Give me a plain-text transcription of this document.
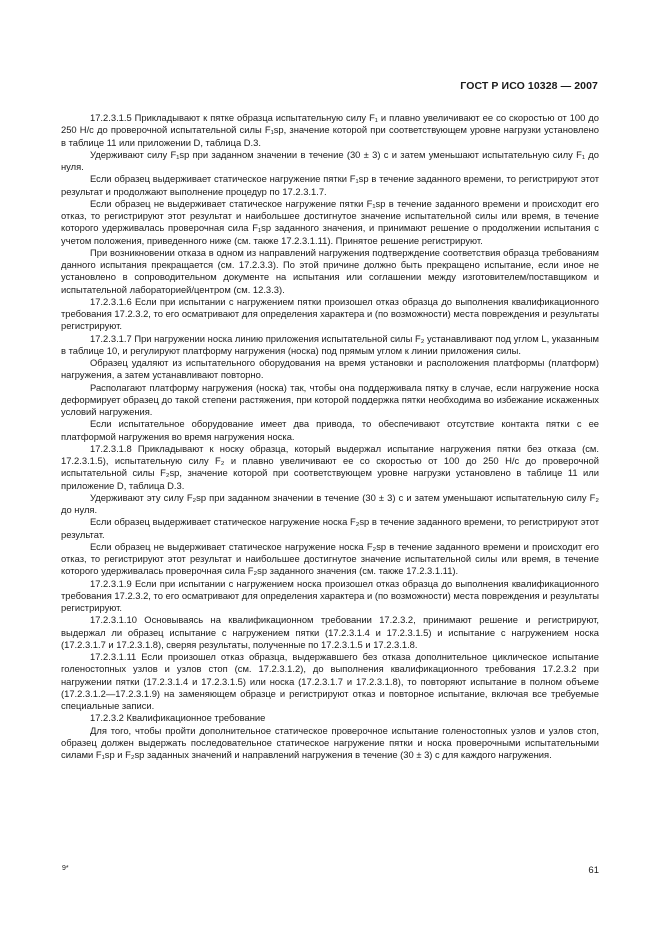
ГОСТ Р ИСО 10328 — 2007

17.2.3.1.5 Прикладывают к пятке образца испытательную силу F₁ и плавно увеличивают ее со скоростью от 100 до 250 Н/с до проверочной испытательной силы F₁sp, значение которой при соответствующем уровне нагрузки установлено в таблице 11 или приложении D, таблица D.3.

Удерживают силу F₁sp при заданном значении в течение (30 ± 3) с и затем уменьшают испытательную силу F₁ до нуля.

Если образец выдерживает статическое нагружение пятки F₁sp в течение заданного времени, то регистрируют этот результат и продолжают выполнение процедур по 17.2.3.1.7.

Если образец не выдерживает статическое нагружение пятки F₁sp в течение заданного времени и происходит его отказ, то регистрируют этот результат и наибольшее достигнутое значение испытательной силы или время, в течение которого удерживалась проверочная сила F₁sp заданного значения, и принимают решение о продолжении испытания с учетом положения, приведенного ниже (см. также 17.2.3.1.11). Принятое решение регистрируют.

При возникновении отказа в одном из направлений нагружения подтверждение соответствия образца требованиям данного испытания прекращается (см. 17.2.3.3). По этой причине должно быть прекращено испытание, если иное не установлено в сопроводительном документе на испытания или соглашении между изготовителем/поставщиком и испытательной лабораторией/центром (см. 12.3.3).

17.2.3.1.6 Если при испытании с нагружением пятки произошел отказ образца до выполнения квалификационного требования 17.2.3.2, то его осматривают для определения характера и (по возможности) места повреждения и результаты регистрируют.

17.2.3.1.7 При нагружении носка линию приложения испытательной силы F₂ устанавливают под углом L, указанным в таблице 10, и регулируют платформу нагружения (носка) под прямым углом к линии приложения силы.

Образец удаляют из испытательного оборудования на время установки и расположения платформы (платформ) нагружения, а затем устанавливают повторно.

Располагают платформу нагружения (носка) так, чтобы она поддерживала пятку в случае, если нагружение носка деформирует образец до такой степени растяжения, при которой поддержка пятки необходима во избежание искаженных условий нагружения.

Если испытательное оборудование имеет два привода, то обеспечивают отсутствие контакта пятки с ее платформой нагружения во время нагружения носка.

17.2.3.1.8 Прикладывают к носку образца, который выдержал испытание нагружения пятки без отказа (см. 17.2.3.1.5), испытательную силу F₂ и плавно увеличивают ее со скоростью от 100 до 250 Н/с до проверочной испытательной силы F₂sp, значение которой при соответствующем уровне нагрузки установлено в таблице 11 или приложение D, таблица D.3.

Удерживают эту силу F₂sp при заданном значении в течение (30 ± 3) с и затем уменьшают испытательную силу F₂ до нуля.

Если образец выдерживает статическое нагружение носка F₂sp в течение заданного времени, то регистрируют этот результат.

Если образец не выдерживает статическое нагружение носка F₂sp в течение заданного времени и происходит его отказ, то регистрируют этот результат и наибольшее достигнутое значение испытательной силы или время, в течение которого удерживалась проверочная сила F₂sp заданного значения (см. также 17.2.3.1.11).

17.2.3.1.9 Если при испытании с нагружением носка произошел отказ образца до выполнения квалификационного требования 17.2.3.2, то его осматривают для определения характера и (по возможности) места повреждения и результаты регистрируют.

17.2.3.1.10 Основываясь на квалификационном требовании 17.2.3.2, принимают решение и регистрируют, выдержал ли образец испытание с нагружением пятки (17.2.3.1.4 и 17.2.3.1.5) и испытание с нагружением носка (17.2.3.1.7 и 17.2.3.1.8), сверяя результаты, полученные по 17.2.3.1.5 и 17.2.3.1.8.

17.2.3.1.11 Если произошел отказ образца, выдержавшего без отказа дополнительное циклическое испытание голеностопных узлов и узлов стоп (см. 17.2.3.1.2), до выполнения квалификационного требования 17.2.3.2 при нагружении пятки (17.2.3.1.4 и 17.2.3.1.5) или носка (17.2.3.1.7 и 17.2.3.1.8), то повторяют испытание в полном объеме (17.2.3.1.2—17.2.3.1.9) на заменяющем образце и регистрируют отказ и повторное испытание, включая все требуемые специальные записи.

17.2.3.2 Квалификационное требование

Для того, чтобы пройти дополнительное статическое проверочное испытание голеностопных узлов и узлов стоп, образец должен выдержать последовательное статическое нагружение пятки и носка проверочными испытательными силами F₁sp и F₂sp заданных значений и направлений нагружения в течение (30 ± 3) с для каждого нагружения.

9*	61
